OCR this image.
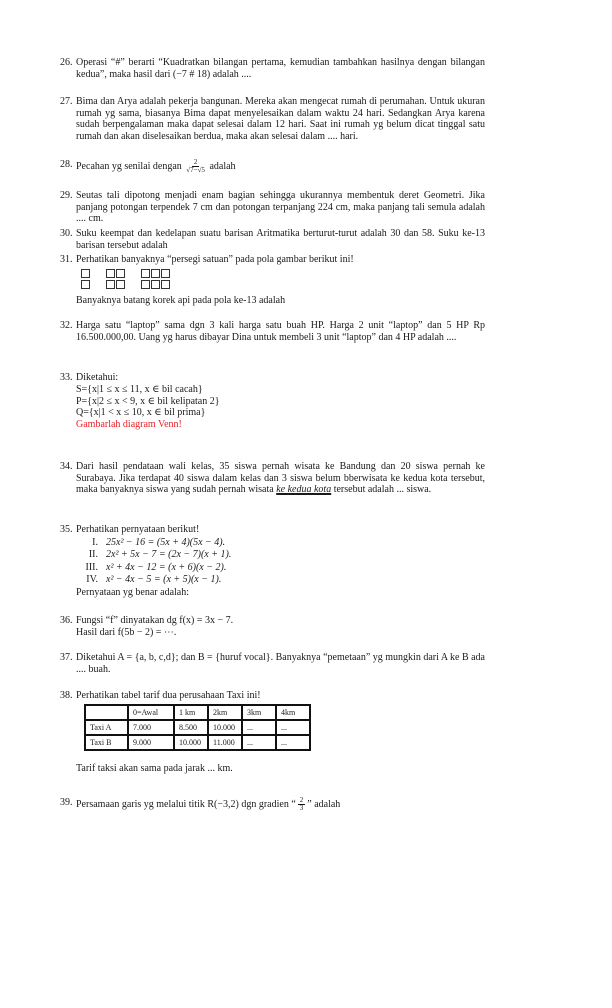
26. Operasi “#” berarti “Kuadratkan bilangan pertama, kemudian tambahkan hasilnya dengan bilangan kedua”, maka hasil dari (−7 # 18) adalah ....
27. Bima dan Arya adalah pekerja bangunan. Mereka akan mengecat rumah di perumahan. Untuk ukuran rumah yg sama, biasanya Bima dapat menyelesaikan dalam waktu 24 hari. Sedangkan Arya karena sudah berpengalaman maka dapat selesai dalam 12 hari. Saat ini rumah yg belum dicat tinggal satu rumah dan akan diselesaikan berdua, maka akan selesai dalam .... hari.
28. Pecahan yg senilai dengan $\frac{2}{√7-√5}$ adalah
29. Seutas tali dipotong menjadi enam bagian sehingga ukurannya membentuk deret Geometri. Jika panjang potongan terpendek 7 cm dan potongan terpanjang 224 cm, maka panjang tali semula adalah .... cm.
30. Suku keempat dan kedelapan suatu barisan Aritmatika berturut-turut adalah 30 dan 58. Suku ke-13 barisan tersebut adalah
31. Perhatikan banyaknya “persegi satuan” pada pola gambar berikut ini!
Banyaknya batang korek api pada pola ke-13 adalah
32. Harga satu “laptop” sama dgn 3 kali harga satu buah HP. Harga 2 unit “laptop” dan 5 HP Rp 16.500.000,00. Uang yg harus dibayar Dina untuk membeli 3 unit “laptop” dan 4 HP adalah ....
33. Diketahui:
S={x|1 ≤ x ≤ 11, x ∈ bil cacah}
P={x|2 ≤ x < 9, x ∈ bil kelipatan 2}
Q={x|1 < x ≤ 10, x ∈ bil prima}
Gambarlah diagram Venn!
34. Dari hasil pendataan wali kelas, 35 siswa pernah wisata ke Bandung dan 20 siswa pernah ke Surabaya. Jika terdapat 40 siswa dalam kelas dan 3 siswa belum bberwisata ke kedua kota tersebut, maka banyaknya siswa yang sudah pernah wisata ke kedua kota tersebut adalah ... siswa.
35. Perhatikan pernyataan berikut!
I. 25x² − 16 = (5x + 4)(5x − 4).
II. 2x² + 5x − 7 = (2x − 7)(x + 1).
III. x² + 4x − 12 = (x + 6)(x − 2).
IV. x² − 4x − 5 = (x + 5)(x − 1).
Pernyataan yg benar adalah:
36. Fungsi “f” dinyatakan dg f(x) = 3x − 7.
Hasil dari f(5b − 2) = ⋯.
37. Diketahui A = {a, b, c,d}; dan B = {huruf vocal}. Banyaknya “pemetaan” yg mungkin dari A ke B ada .... buah.
38. Perhatikan tabel tarif dua perusahaan Taxi ini!
	0=Awal	1 km	2km	3km	4km
Taxi A	7.000	8.500	10.000	...	...
Taxi B	9.000	10.000	11.000	...	...
Tarif taksi akan sama pada jarak ... km.
39. Persamaan garis yg melalui titik R(−3,2) dgn gradien “ $\frac{2}{3}$ ” adalah
